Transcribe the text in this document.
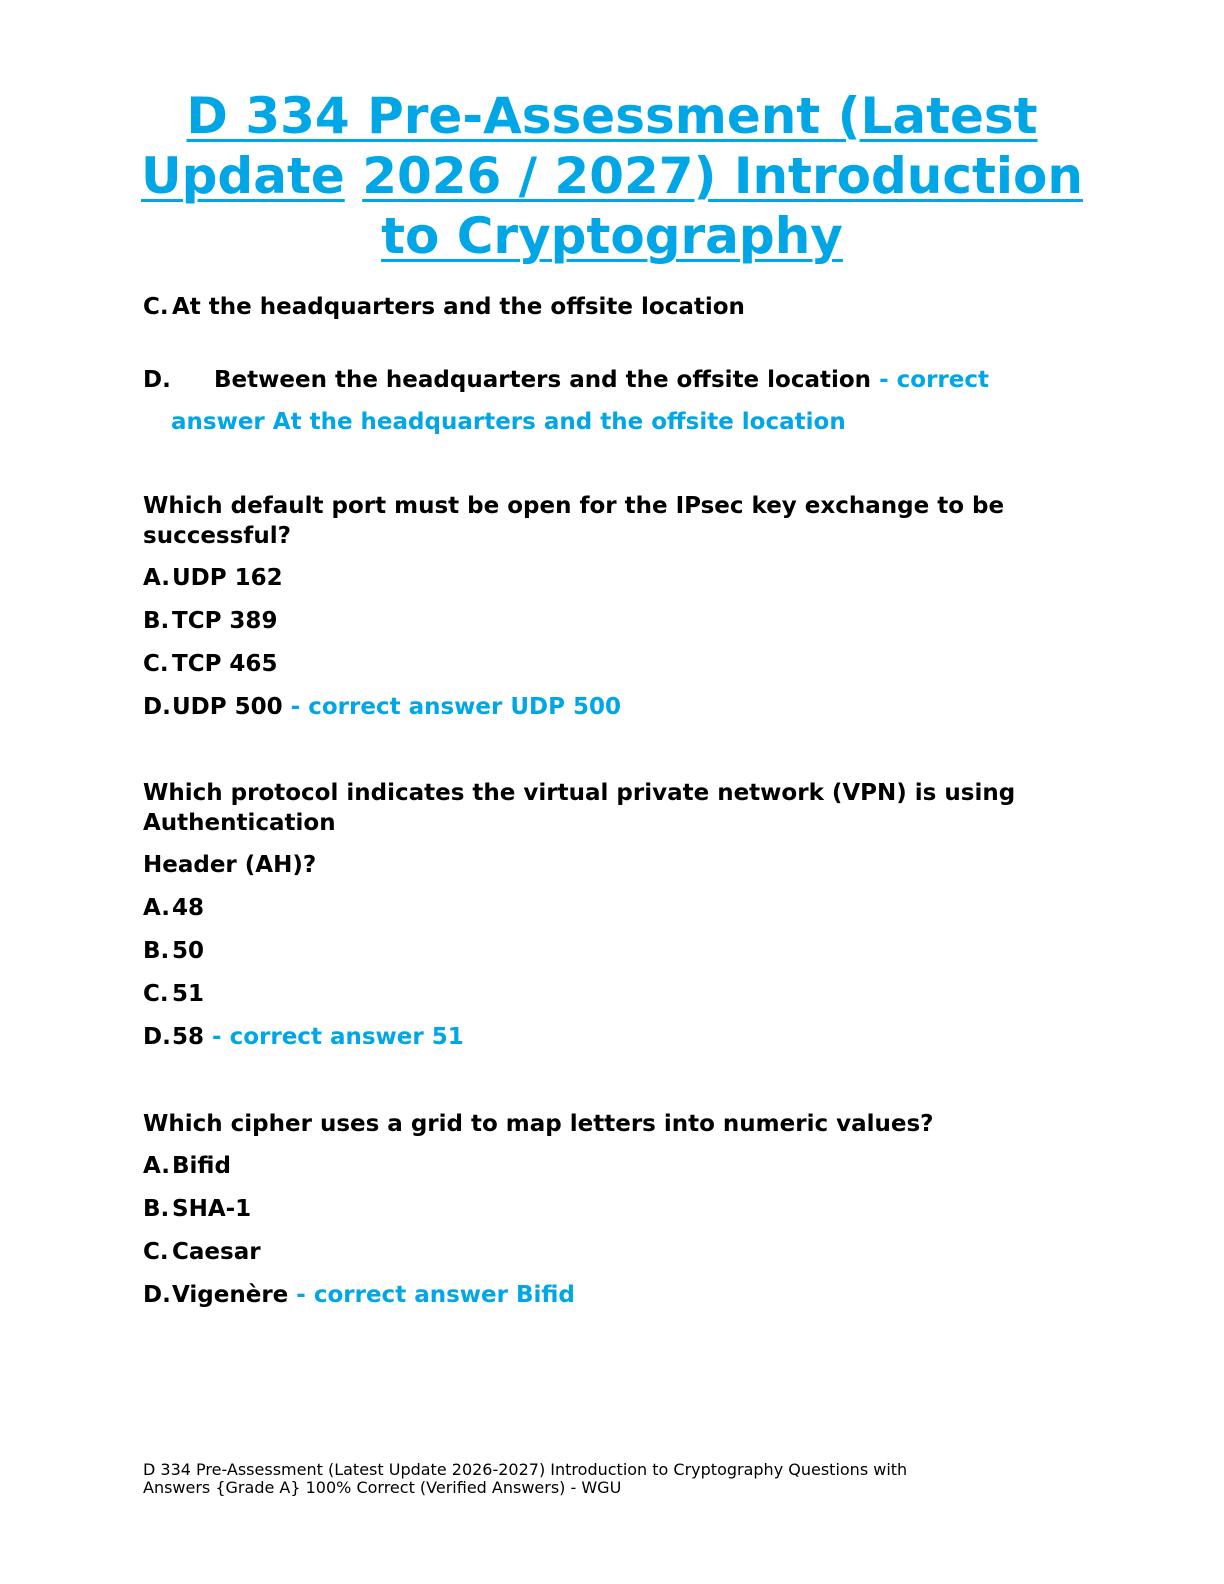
D 334 Pre-Assessment (Latest
Update 2026 / 2027) Introduction
to Cryptography

C. At the headquarters and the offsite location

D. Between the headquarters and the offsite location - correct

answer At the headquarters and the offsite location

Which default port must be open for the IPsec key exchange to be

successful?

A.UDP 162

B. TCP 389

C. TCP 465

D.UDP 500 - correct answer UDP 500

Which protocol indicates the virtual private network (VPN) is using

Authentication

Header (AH)?

A.48

B. 50

C. 51

D.58 - correct answer 51

Which cipher uses a grid to map letters into numeric values?

A.Bifid

B. SHA-1

C. Caesar

D.Vigenère - correct answer Bifid

D 334 Pre-Assessment (Latest Update 2026-2027) Introduction to Cryptography Questions with
Answers {Grade A} 100% Correct (Verified Answers) - WGU
